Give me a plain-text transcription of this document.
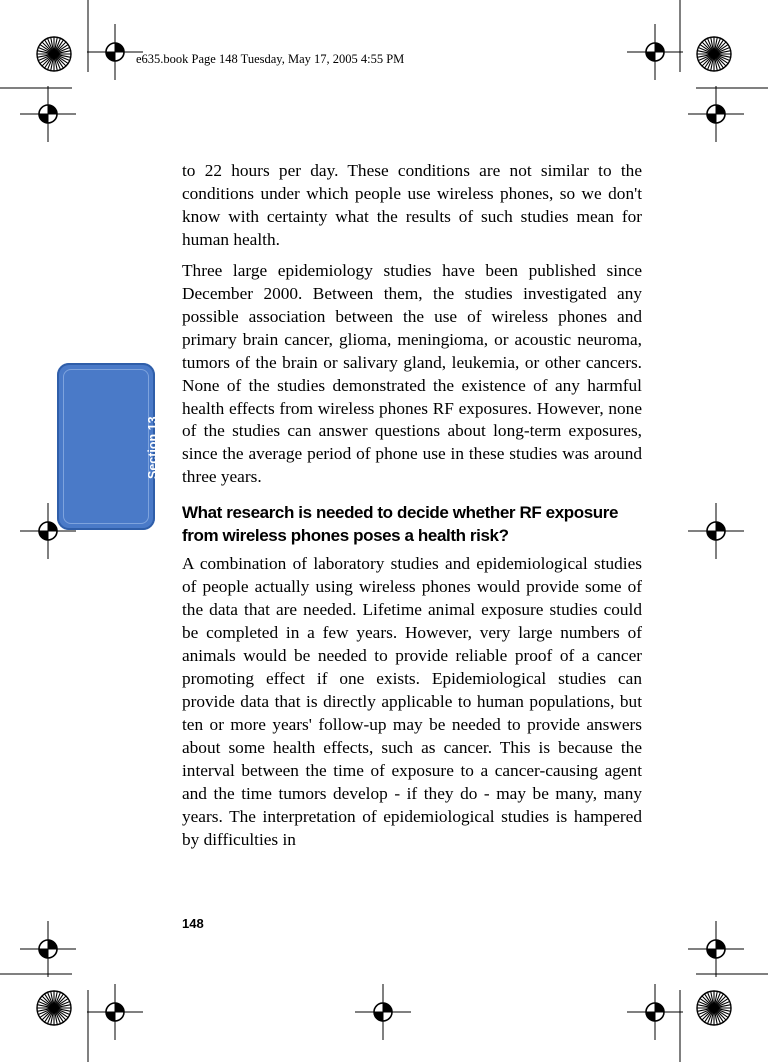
e635.book Page 148 Tuesday, May 17, 2005 4:55 PM
Section 13

to 22 hours per day. These conditions are not similar to the conditions under which people use wireless phones, so we don't know with certainty what the results of such studies mean for human health.

Three large epidemiology studies have been published since December 2000. Between them, the studies investigated any possible association between the use of wireless phones and primary brain cancer, glioma, meningioma, or acoustic neuroma, tumors of the brain or salivary gland, leukemia, or other cancers. None of the studies demonstrated the existence of any harmful health effects from wireless phones RF exposures. However, none of the studies can answer questions about long-term exposures, since the average period of phone use in these studies was around three years.

What research is needed to decide whether RF exposure from wireless phones poses a health risk?

A combination of laboratory studies and epidemiological studies of people actually using wireless phones would provide some of the data that are needed. Lifetime animal exposure studies could be completed in a few years. However, very large numbers of animals would be needed to provide reliable proof of a cancer promoting effect if one exists. Epidemiological studies can provide data that is directly applicable to human populations, but ten or more years' follow-up may be needed to provide answers about some health effects, such as cancer. This is because the interval between the time of exposure to a cancer-causing agent and the time tumors develop - if they do - may be many, many years. The interpretation of epidemiological studies is hampered by difficulties in

148
